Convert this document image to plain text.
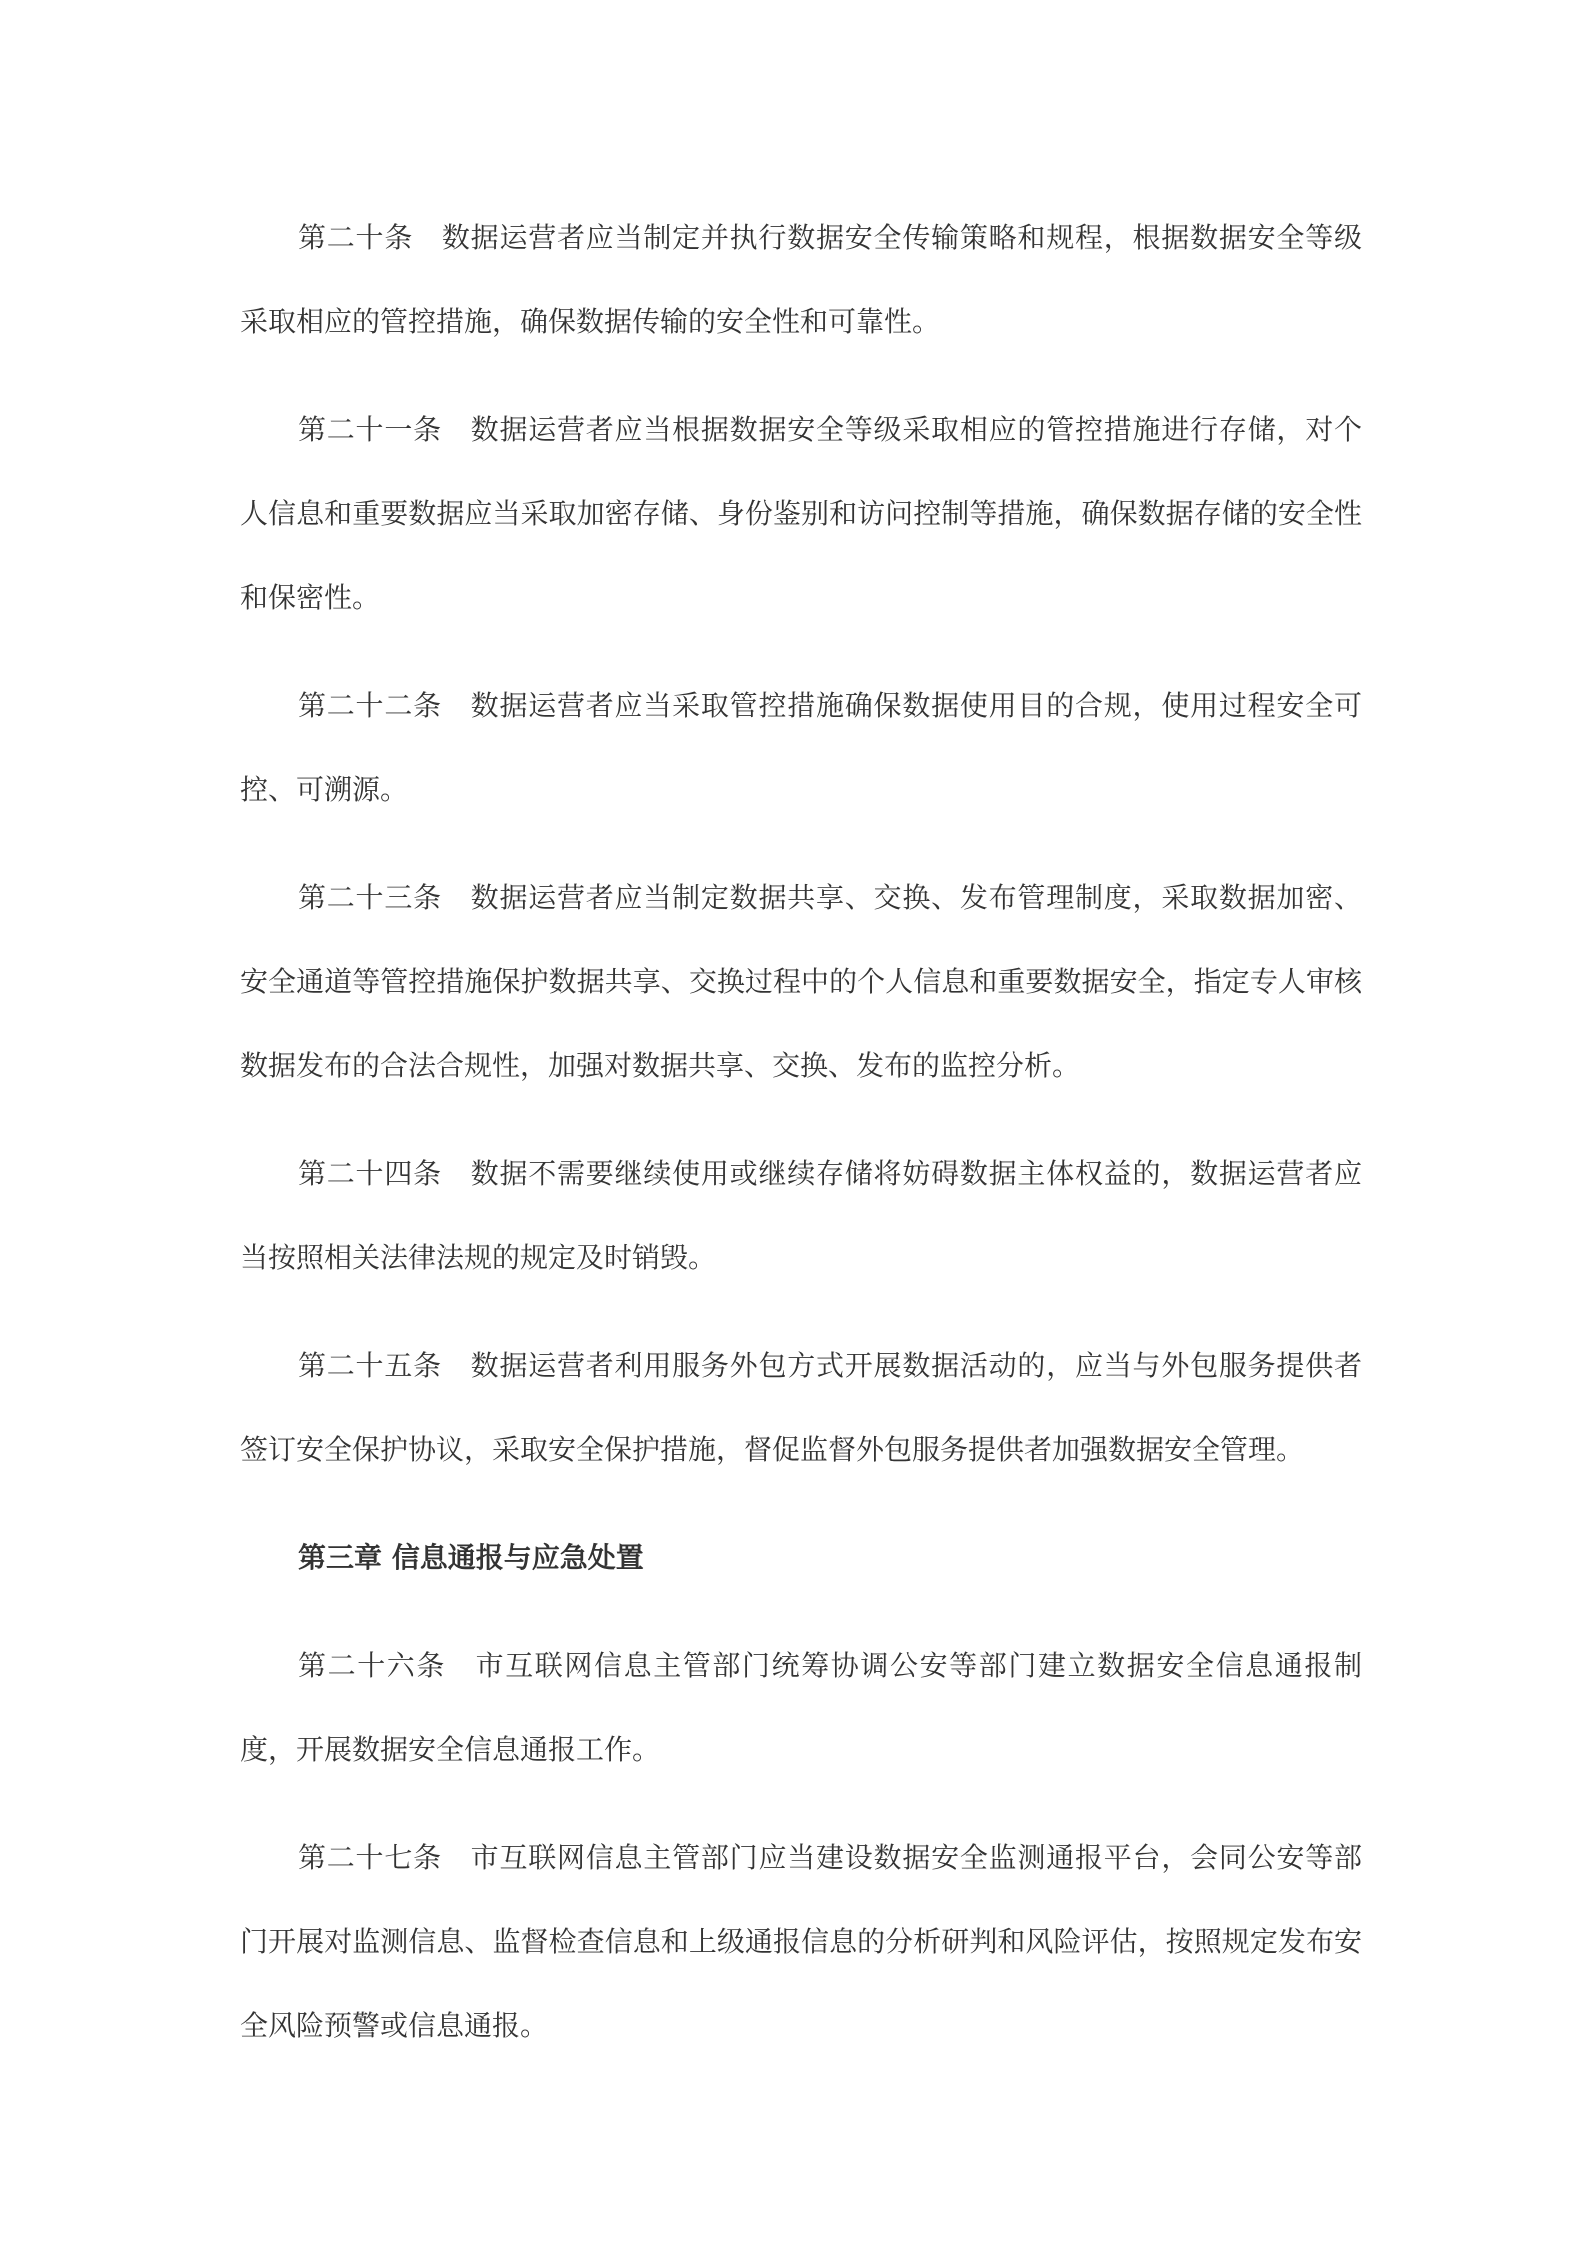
第二十条 数据运营者应当制定并执行数据安全传输策略和规程，根据数据安全等级采取相应的管控措施，确保数据传输的安全性和可靠性。

第二十一条 数据运营者应当根据数据安全等级采取相应的管控措施进行存储，对个人信息和重要数据应当采取加密存储、身份鉴别和访问控制等措施，确保数据存储的安全性和保密性。

第二十二条 数据运营者应当采取管控措施确保数据使用目的合规，使用过程安全可控、可溯源。

第二十三条 数据运营者应当制定数据共享、交换、发布管理制度，采取数据加密、安全通道等管控措施保护数据共享、交换过程中的个人信息和重要数据安全，指定专人审核数据发布的合法合规性，加强对数据共享、交换、发布的监控分析。

第二十四条 数据不需要继续使用或继续存储将妨碍数据主体权益的，数据运营者应当按照相关法律法规的规定及时销毁。

第二十五条 数据运营者利用服务外包方式开展数据活动的，应当与外包服务提供者签订安全保护协议，采取安全保护措施，督促监督外包服务提供者加强数据安全管理。

第三章 信息通报与应急处置

第二十六条 市互联网信息主管部门统筹协调公安等部门建立数据安全信息通报制度，开展数据安全信息通报工作。

第二十七条 市互联网信息主管部门应当建设数据安全监测通报平台，会同公安等部门开展对监测信息、监督检查信息和上级通报信息的分析研判和风险评估，按照规定发布安全风险预警或信息通报。
